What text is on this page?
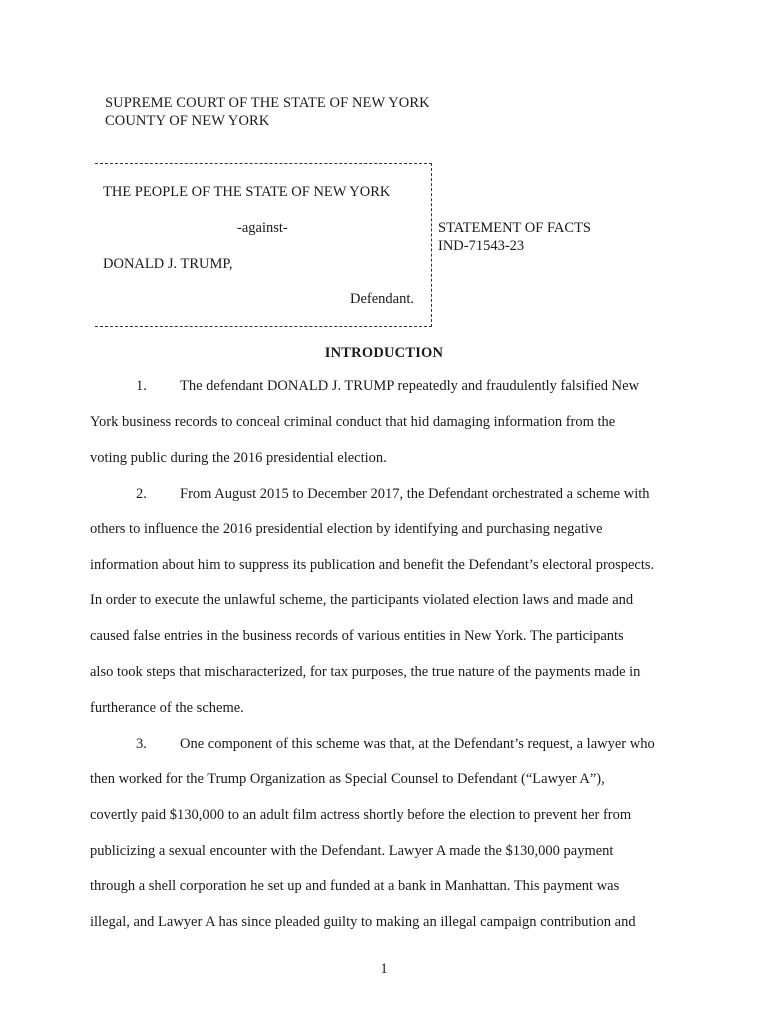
SUPREME COURT OF THE STATE OF NEW YORK
COUNTY OF NEW YORK
THE PEOPLE OF THE STATE OF NEW YORK
-against-
DONALD J. TRUMP,
Defendant.
STATEMENT OF FACTS
IND-71543-23
INTRODUCTION
1. The defendant DONALD J. TRUMP repeatedly and fraudulently falsified New
York business records to conceal criminal conduct that hid damaging information from the
voting public during the 2016 presidential election.
2. From August 2015 to December 2017, the Defendant orchestrated a scheme with
others to influence the 2016 presidential election by identifying and purchasing negative
information about him to suppress its publication and benefit the Defendant’s electoral prospects.
In order to execute the unlawful scheme, the participants violated election laws and made and
caused false entries in the business records of various entities in New York. The participants
also took steps that mischaracterized, for tax purposes, the true nature of the payments made in
furtherance of the scheme.
3. One component of this scheme was that, at the Defendant’s request, a lawyer who
then worked for the Trump Organization as Special Counsel to Defendant (“Lawyer A”),
covertly paid $130,000 to an adult film actress shortly before the election to prevent her from
publicizing a sexual encounter with the Defendant. Lawyer A made the $130,000 payment
through a shell corporation he set up and funded at a bank in Manhattan. This payment was
illegal, and Lawyer A has since pleaded guilty to making an illegal campaign contribution and
1
